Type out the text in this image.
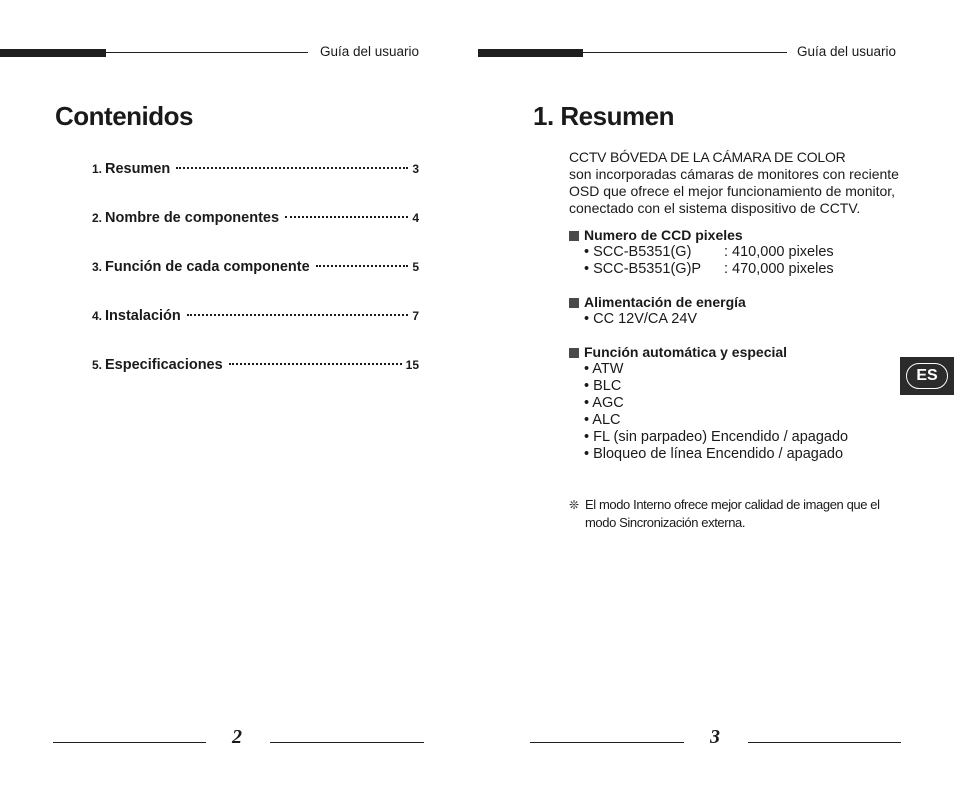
Guía del usuario
Contenidos
1. Resumen	3
2. Nombre de componentes	4
3. Función de cada componente	5
4. Instalación	7
5. Especificaciones	15
2
Guía del usuario
1. Resumen
CCTV BÓVEDA DE LA CÁMARA DE COLOR
son incorporadas cámaras de monitores con reciente
OSD que ofrece el mejor funcionamiento de monitor,
conectado con el sistema dispositivo de CCTV.
Numero de CCD pixeles
• SCC-B5351(G)	: 410,000 pixeles
• SCC-B5351(G)P	: 470,000 pixeles
Alimentación de energía
• CC 12V/CA 24V
Función automática y especial
• ATW
• BLC
• AGC
• ALC
• FL (sin parpadeo) Encendido / apagado
• Bloqueo de línea Encendido / apagado
❊ El modo Interno ofrece mejor calidad de imagen que el
modo Sincronización externa.
ES
3
